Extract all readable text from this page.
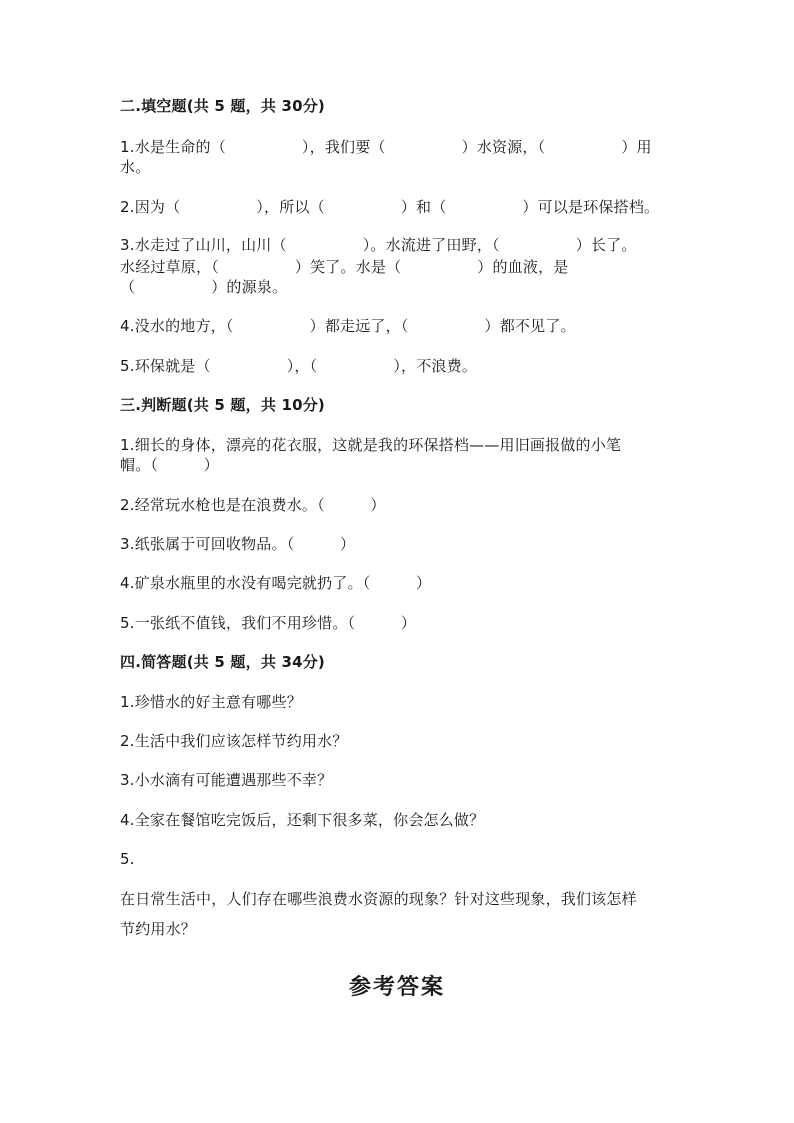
二.填空题(共 5 题，共 30分)
1.水是生命的（　　　　　），我们要（　　　　　）水资源，（　　　　　）用
水。
2.因为（　　　　　），所以（　　　　　）和（　　　　　）可以是环保搭档。
3.水走过了山川，山川（　　　　　）。水流进了田野，（　　　　　）长了。
水经过草原，（　　　　　）笑了。水是（　　　　　）的血液，是
（　　　　　）的源泉。
4.没水的地方，（　　　　　）都走远了，（　　　　　）都不见了。
5.环保就是（　　　　　），（　　　　　），不浪费。
三.判断题(共 5 题，共 10分)
1.细长的身体，漂亮的花衣服，这就是我的环保搭档——用旧画报做的小笔
帽。（　　　）
2.经常玩水枪也是在浪费水。（　　　）
3.纸张属于可回收物品。（　　　）
4.矿泉水瓶里的水没有喝完就扔了。（　　　）
5.一张纸不值钱，我们不用珍惜。（　　　）
四.简答题(共 5 题，共 34分)
1.珍惜水的好主意有哪些？
2.生活中我们应该怎样节约用水？
3.小水滴有可能遭遇那些不幸？
4.全家在餐馆吃完饭后，还剩下很多菜，你会怎么做？
5.
在日常生活中，人们存在哪些浪费水资源的现象？针对这些现象，我们该怎样
节约用水？
参考答案
